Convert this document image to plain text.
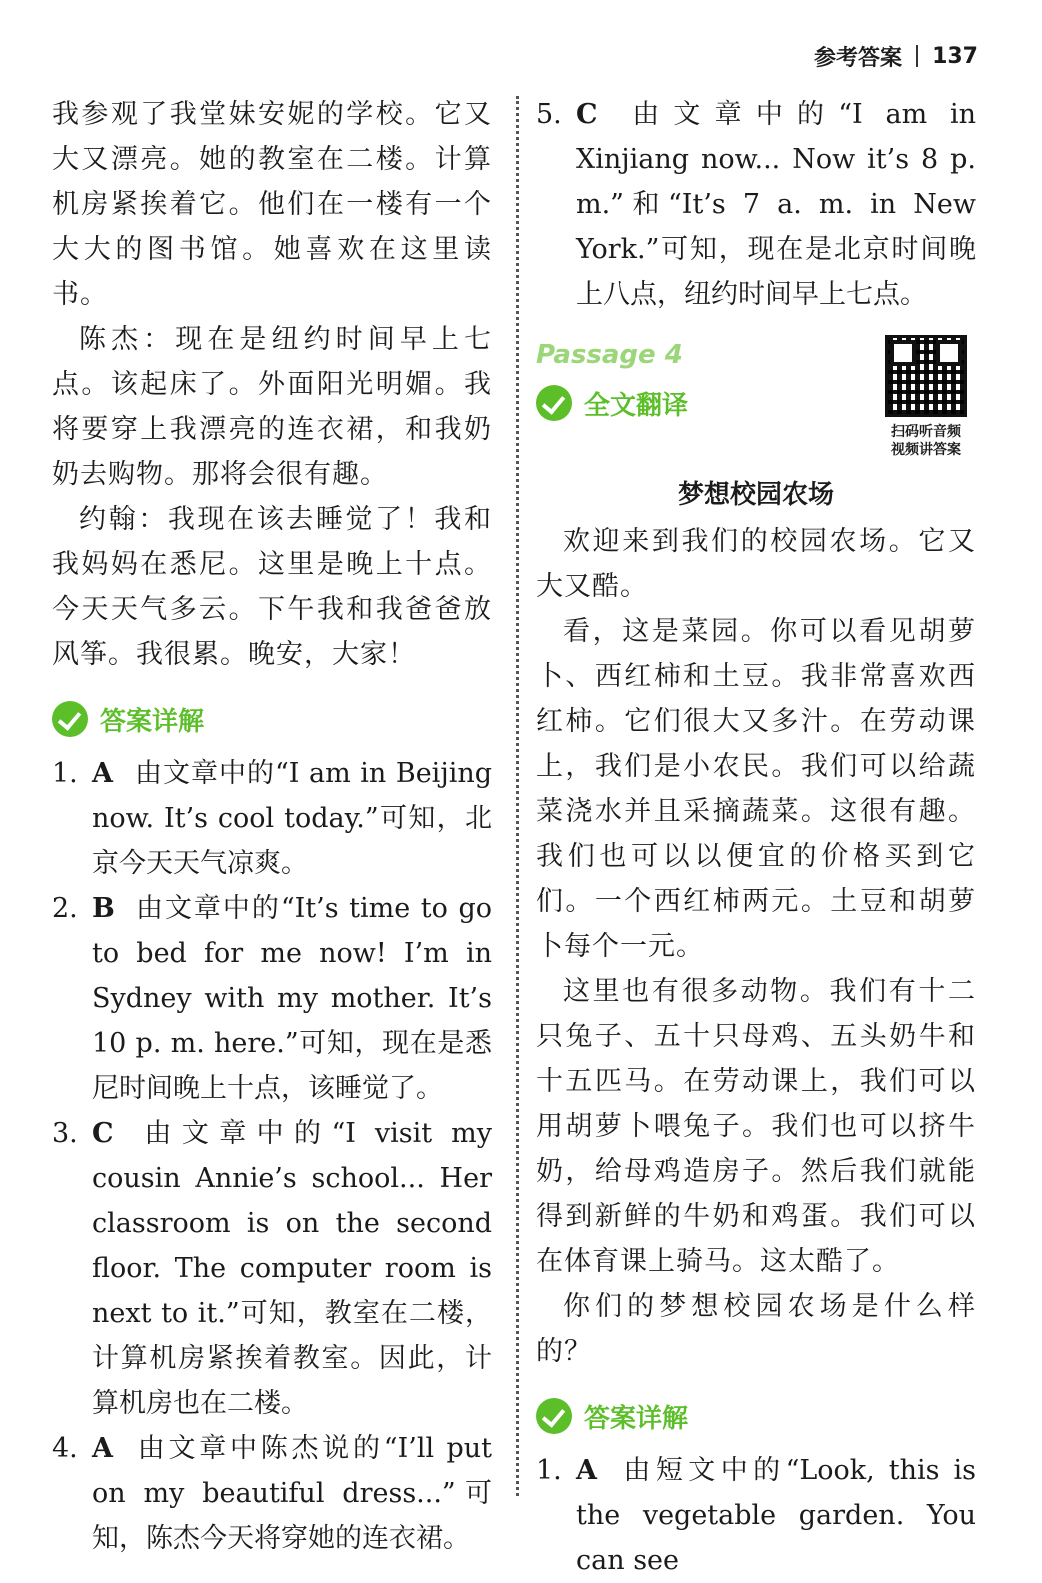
参考答案 137

我参观了我堂妹安妮的学校。它又大又漂亮。她的教室在二楼。计算机房紧挨着它。他们在一楼有一个大大的图书馆。她喜欢在这里读书。

陈杰：现在是纽约时间早上七点。该起床了。外面阳光明媚。我将要穿上我漂亮的连衣裙，和我奶奶去购物。那将会很有趣。

约翰：我现在该去睡觉了！我和我妈妈在悉尼。这里是晚上十点。今天天气多云。下午我和我爸爸放风筝。我很累。晚安，大家！

答案详解
1. A 由文章中的“I am in Beijing now. It’s cool today.”可知，北京今天天气凉爽。
2. B 由文章中的“It’s time to go to bed for me now! I’m in Sydney with my mother. It’s 10 p. m. here.”可知，现在是悉尼时间晚上十点，该睡觉了。
3. C 由文章中的“I visit my cousin Annie’s school... Her classroom is on the second floor. The computer room is next to it.”可知，教室在二楼，计算机房紧挨着教室。因此，计算机房也在二楼。
4. A 由文章中陈杰说的“I’ll put on my beautiful dress...”可知，陈杰今天将穿她的连衣裙。
5. C 由文章中的“I am in Xinjiang now... Now it’s 8 p. m.”和“It’s 7 a. m. in New York.”可知，现在是北京时间晚上八点，纽约时间早上七点。
Passage 4
全文翻译
扫码听音频
视频讲答案
梦想校园农场

欢迎来到我们的校园农场。它又大又酷。

看，这是菜园。你可以看见胡萝卜、西红柿和土豆。我非常喜欢西红柿。它们很大又多汁。在劳动课上，我们是小农民。我们可以给蔬菜浇水并且采摘蔬菜。这很有趣。我们也可以以便宜的价格买到它们。一个西红柿两元。土豆和胡萝卜每个一元。

这里也有很多动物。我们有十二只兔子、五十只母鸡、五头奶牛和十五匹马。在劳动课上，我们可以用胡萝卜喂兔子。我们也可以挤牛奶，给母鸡造房子。然后我们就能得到新鲜的牛奶和鸡蛋。我们可以在体育课上骑马。这太酷了。

你们的梦想校园农场是什么样的？

答案详解
1. A 由短文中的“Look, this is the vegetable garden. You can see
